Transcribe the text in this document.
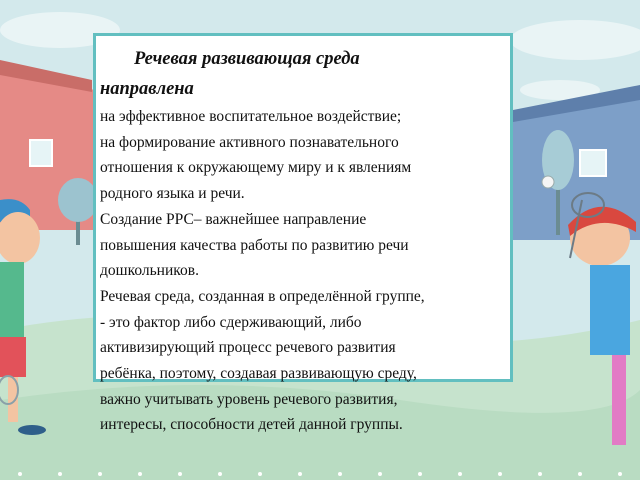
Речевая развивающая среда

направлена

на эффективное воспитательное воздействие;

на формирование активного познавательного

отношения к окружающему миру и к явлениям

родного языка и речи.

Создание РРС– важнейшее направление

повышения качества работы по развитию речи

дошкольников.

Речевая среда, созданная в определённой группе,

- это фактор либо сдерживающий, либо

активизирующий процесс речевого развития

ребёнка, поэтому, создавая развивающую среду,

важно учитывать уровень речевого развития,

интересы, способности детей данной группы.
